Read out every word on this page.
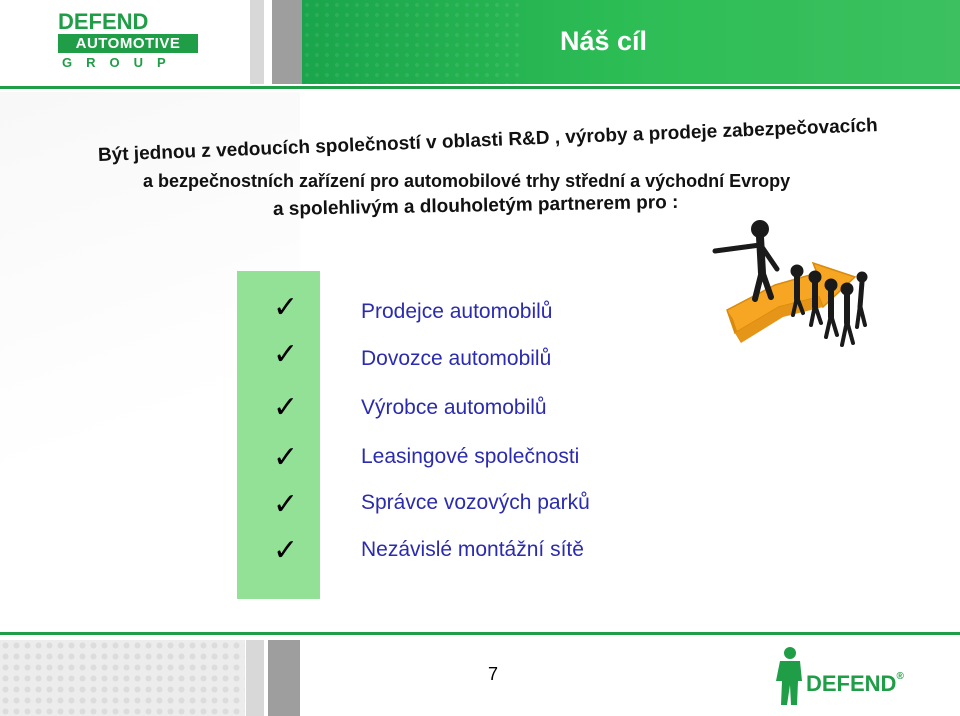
DEFEND
AUTOMOTIVE
GROUP
Náš cíl
Být jednou z vedoucích společností v oblasti R&D , výroby a prodeje zabezpečovacích
a bezpečnostních zařízení pro automobilové trhy střední a východní Evropy
a spolehlivým a dlouholetým partnerem pro :
✓
✓
✓
✓
✓
✓
Prodejce automobilů
Dovozce automobilů
Výrobce automobilů
Leasingové společnosti
Správce vozových parků
Nezávislé montážní sítě
7	DEFEND®
